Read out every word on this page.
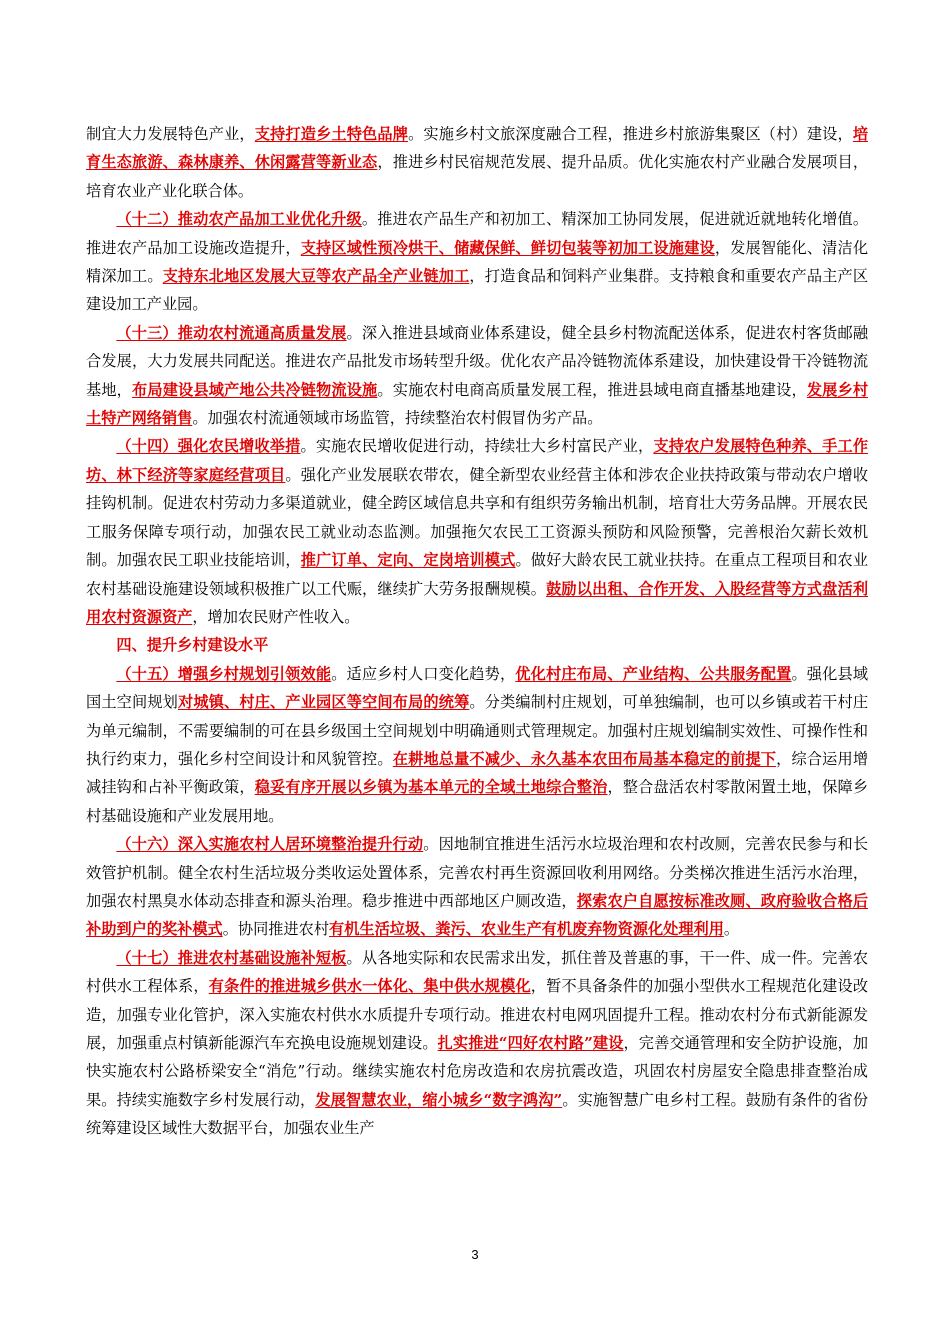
制宜大力发展特色产业，支持打造乡土特色品牌。实施乡村文旅深度融合工程，推进乡村旅游集聚区（村）建设，培育生态旅游、森林康养、休闲露营等新业态，推进乡村民宿规范发展、提升品质。优化实施农村产业融合发展项目，培育农业产业化联合体。

（十二）推动农产品加工业优化升级。推进农产品生产和初加工、精深加工协同发展，促进就近就地转化增值。推进农产品加工设施改造提升，支持区域性预冷烘干、储藏保鲜、鲜切包装等初加工设施建设，发展智能化、清洁化精深加工。支持东北地区发展大豆等农产品全产业链加工，打造食品和饲料产业集群。支持粮食和重要农产品主产区建设加工产业园。

（十三）推动农村流通高质量发展。深入推进县域商业体系建设，健全县乡村物流配送体系，促进农村客货邮融合发展，大力发展共同配送。推进农产品批发市场转型升级。优化农产品冷链物流体系建设，加快建设骨干冷链物流基地，布局建设县域产地公共冷链物流设施。实施农村电商高质量发展工程，推进县域电商直播基地建设，发展乡村土特产网络销售。加强农村流通领域市场监管，持续整治农村假冒伪劣产品。

（十四）强化农民增收举措。实施农民增收促进行动，持续壮大乡村富民产业，支持农户发展特色种养、手工作坊、林下经济等家庭经营项目。强化产业发展联农带农，健全新型农业经营主体和涉农企业扶持政策与带动农户增收挂钩机制。促进农村劳动力多渠道就业，健全跨区域信息共享和有组织劳务输出机制，培育壮大劳务品牌。开展农民工服务保障专项行动，加强农民工就业动态监测。加强拖欠农民工工资源头预防和风险预警，完善根治欠薪长效机制。加强农民工职业技能培训，推广订单、定向、定岗培训模式。做好大龄农民工就业扶持。在重点工程项目和农业农村基础设施建设领域积极推广以工代赈，继续扩大劳务报酬规模。鼓励以出租、合作开发、入股经营等方式盘活利用农村资源资产，增加农民财产性收入。

四、提升乡村建设水平

（十五）增强乡村规划引领效能。适应乡村人口变化趋势，优化村庄布局、产业结构、公共服务配置。强化县域国土空间规划对城镇、村庄、产业园区等空间布局的统筹。分类编制村庄规划，可单独编制，也可以乡镇或若干村庄为单元编制，不需要编制的可在县乡级国土空间规划中明确通则式管理规定。加强村庄规划编制实效性、可操作性和执行约束力，强化乡村空间设计和风貌管控。在耕地总量不减少、永久基本农田布局基本稳定的前提下，综合运用增减挂钩和占补平衡政策，稳妥有序开展以乡镇为基本单元的全域土地综合整治，整合盘活农村零散闲置土地，保障乡村基础设施和产业发展用地。

（十六）深入实施农村人居环境整治提升行动。因地制宜推进生活污水垃圾治理和农村改厕，完善农民参与和长效管护机制。健全农村生活垃圾分类收运处置体系，完善农村再生资源回收利用网络。分类梯次推进生活污水治理，加强农村黑臭水体动态排查和源头治理。稳步推进中西部地区户厕改造，探索农户自愿按标准改厕、政府验收合格后补助到户的奖补模式。协同推进农村有机生活垃圾、粪污、农业生产有机废弃物资源化处理利用。

（十七）推进农村基础设施补短板。从各地实际和农民需求出发，抓住普及普惠的事，干一件、成一件。完善农村供水工程体系，有条件的推进城乡供水一体化、集中供水规模化，暂不具备条件的加强小型供水工程规范化建设改造，加强专业化管护，深入实施农村供水水质提升专项行动。推进农村电网巩固提升工程。推动农村分布式新能源发展，加强重点村镇新能源汽车充换电设施规划建设。扎实推进“四好农村路”建设，完善交通管理和安全防护设施，加快实施农村公路桥梁安全“消危”行动。继续实施农村危房改造和农房抗震改造，巩固农村房屋安全隐患排查整治成果。持续实施数字乡村发展行动，发展智慧农业，缩小城乡“数字鸿沟”。实施智慧广电乡村工程。鼓励有条件的省份统筹建设区域性大数据平台，加强农业生产

3
